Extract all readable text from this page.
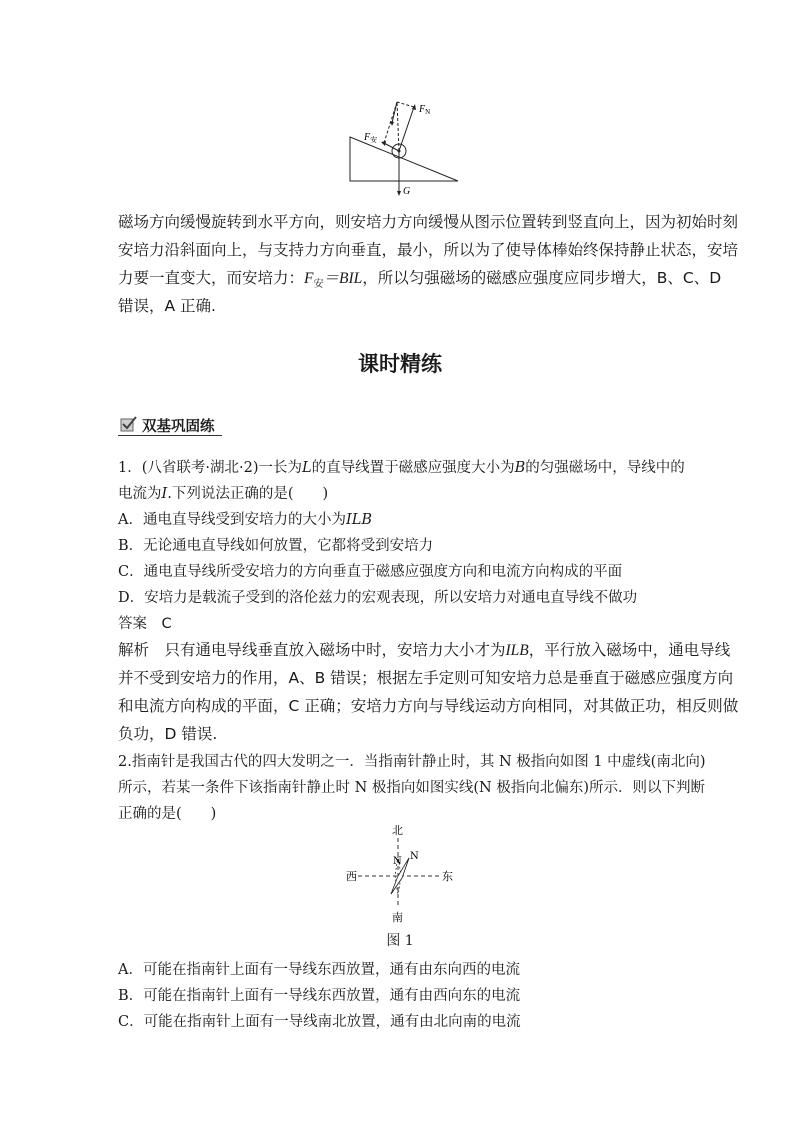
$F_N$
$F_安$
G
磁场方向缓慢旋转到水平方向，则安培力方向缓慢从图示位置转到竖直向上，因为初始时刻
安培力沿斜面向上，与支持力方向垂直，最小，所以为了使导体棒始终保持静止状态，安培
力要一直变大，而安培力：$F_安=BIL$，所以匀强磁场的磁感应强度应同步增大，B、C、D
错误，A 正确.
课时精练
双基巩固练
1．(八省联考·湖北·2)一长为L的直导线置于磁感应强度大小为B的匀强磁场中，导线中的
电流为I.下列说法正确的是(　　)
A．通电直导线受到安培力的大小为ILB
B．无论通电直导线如何放置，它都将受到安培力
C．通电直导线所受安培力的方向垂直于磁感应强度方向和电流方向构成的平面
D．安培力是载流子受到的洛伦兹力的宏观表现，所以安培力对通电直导线不做功
答案　C
解析　只有通电导线垂直放入磁场中时，安培力大小才为ILB，平行放入磁场中，通电导线
并不受到安培力的作用，A、B 错误；根据左手定则可知安培力总是垂直于磁感应强度方向
和电流方向构成的平面，C 正确；安培力方向与导线运动方向相同，对其做正功，相反则做
负功，D 错误.
2.指南针是我国古代的四大发明之一．当指南针静止时，其 N 极指向如图 1 中虚线(南北向)
所示，若某一条件下该指南针静止时 N 极指向如图实线(N 极指向北偏东)所示．则以下判断
正确的是(　　)
北
南
西	东
N N
图 1
A．可能在指南针上面有一导线东西放置，通有由东向西的电流
B．可能在指南针上面有一导线东西放置，通有由西向东的电流
C．可能在指南针上面有一导线南北放置，通有由北向南的电流
